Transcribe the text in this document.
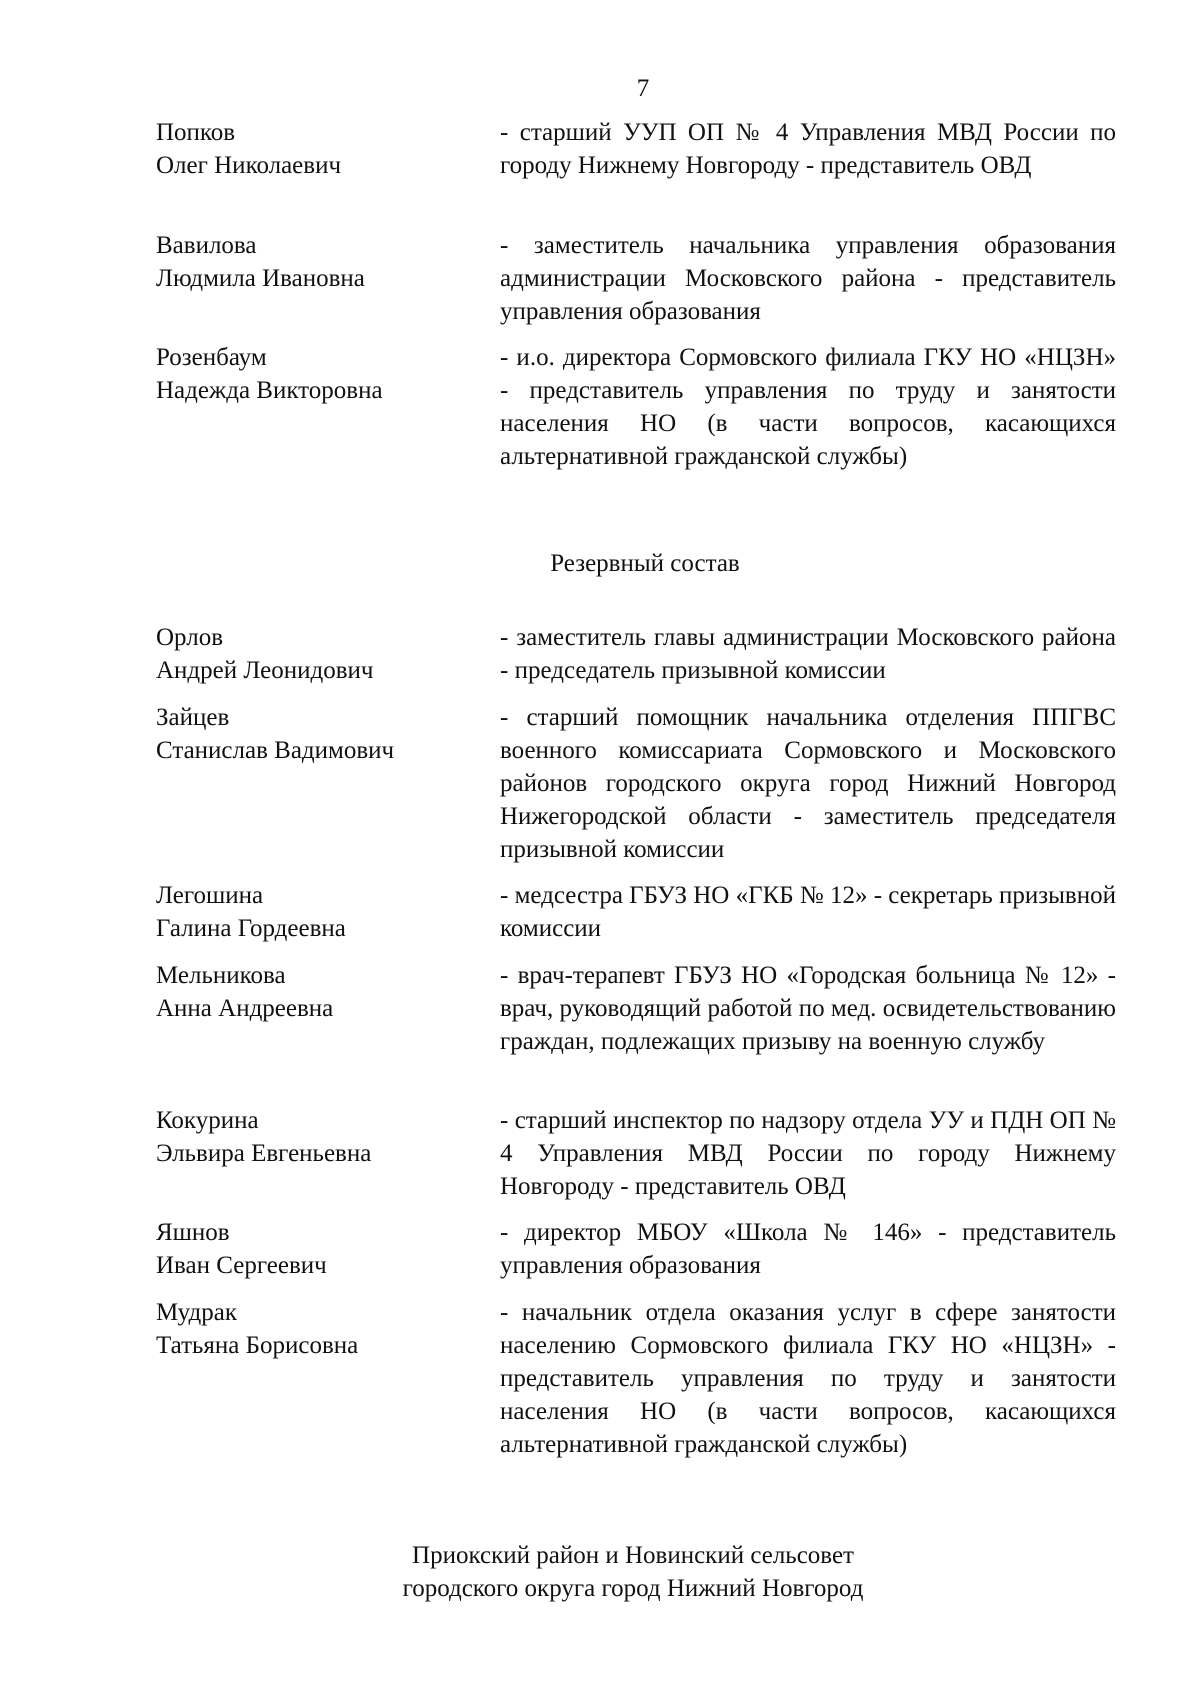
7
Попков
Олег Николаевич
- старший УУП ОП № 4 Управления МВД России по городу Нижнему Новгороду - представитель ОВД
Вавилова
Людмила Ивановна
- заместитель начальника управления образования администрации Московского района - представитель управления образования
Розенбаум
Надежда Викторовна
- и.о. директора Сормовского филиала ГКУ НО «НЦЗН» - представитель управления по труду и занятости населения НО (в части вопросов, касающихся альтернативной гражданской службы)
Резервный состав
Орлов
Андрей Леонидович
- заместитель главы администрации Московского района - председатель призывной комиссии
Зайцев
Станислав Вадимович
- старший помощник начальника отделения ППГВС военного комиссариата Сормовского и Московского районов городского округа город Нижний Новгород Нижегородской области - заместитель председателя призывной комиссии
Легошина
Галина Гордеевна
- медсестра ГБУЗ НО «ГКБ № 12» - секретарь призывной комиссии
Мельникова
Анна Андреевна
- врач-терапевт ГБУЗ НО «Городская больница № 12» - врач, руководящий работой по мед. освидетельствованию граждан, подлежащих призыву на военную службу
Кокурина
Эльвира Евгеньевна
- старший инспектор по надзору отдела УУ и ПДН ОП № 4 Управления МВД России по городу Нижнему Новгороду - представитель ОВД
Яшнов
Иван Сергеевич
- директор МБОУ «Школа № 146» - представитель управления образования
Мудрак
Татьяна Борисовна
- начальник отдела оказания услуг в сфере занятости населению Сормовского филиала ГКУ НО «НЦЗН» - представитель управления по труду и занятости населения НО (в части вопросов, касающихся альтернативной гражданской службы)
Приокский район и Новинский сельсовет
городского округа город Нижний Новгород
